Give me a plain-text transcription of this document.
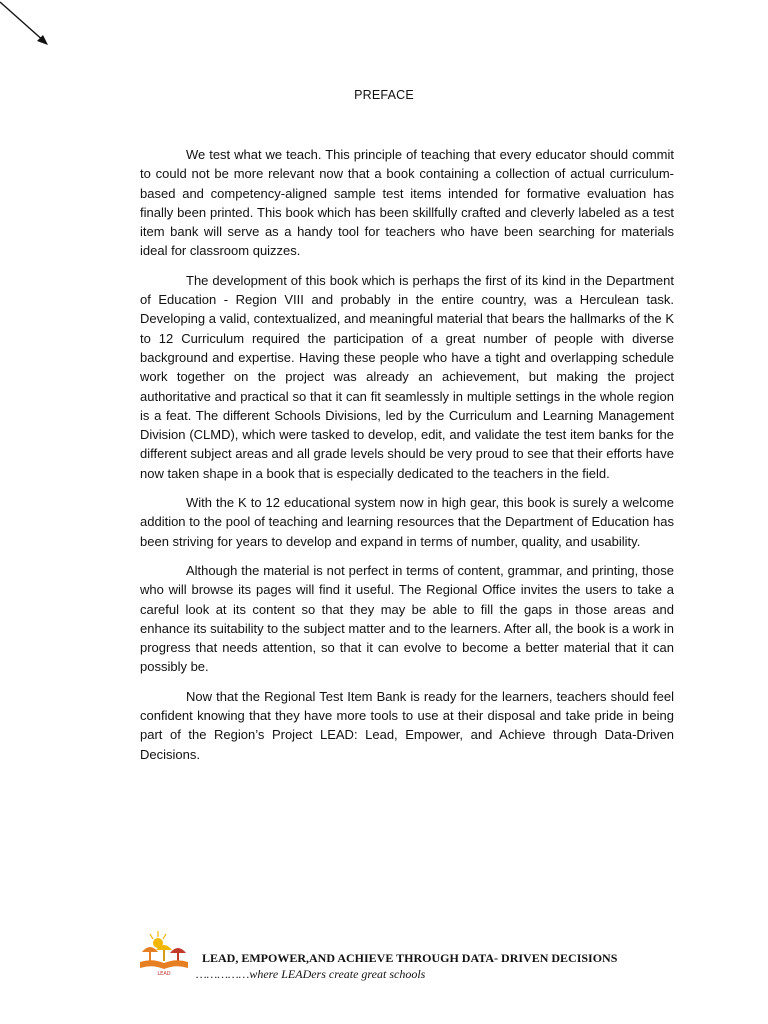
PREFACE

We test what we teach. This principle of teaching that every educator should commit to could not be more relevant now that a book containing a collection of actual curriculum-based and competency-aligned sample test items intended for formative evaluation has finally been printed. This book which has been skillfully crafted and cleverly labeled as a test item bank will serve as a handy tool for teachers who have been searching for materials ideal for classroom quizzes.

The development of this book which is perhaps the first of its kind in the Department of Education - Region VIII and probably in the entire country, was a Herculean task. Developing a valid, contextualized, and meaningful material that bears the hallmarks of the K to 12 Curriculum required the participation of a great number of people with diverse background and expertise. Having these people who have a tight and overlapping schedule work together on the project was already an achievement, but making the project authoritative and practical so that it can fit seamlessly in multiple settings in the whole region is a feat. The different Schools Divisions, led by the Curriculum and Learning Management Division (CLMD), which were tasked to develop, edit, and validate the test item banks for the different subject areas and all grade levels should be very proud to see that their efforts have now taken shape in a book that is especially dedicated to the teachers in the field.

With the K to 12 educational system now in high gear, this book is surely a welcome addition to the pool of teaching and learning resources that the Department of Education has been striving for years to develop and expand in terms of number, quality, and usability.

Although the material is not perfect in terms of content, grammar, and printing, those who will browse its pages will find it useful. The Regional Office invites the users to take a careful look at its content so that they may be able to fill the gaps in those areas and enhance its suitability to the subject matter and to the learners. After all, the book is a work in progress that needs attention, so that it can evolve to become a better material that it can possibly be.

Now that the Regional Test Item Bank is ready for the learners, teachers should feel confident knowing that they have more tools to use at their disposal and take pride in being part of the Region’s Project LEAD: Lead, Empower, and Achieve through Data-Driven Decisions.

LEAD
LEAD, EMPOWER,AND ACHIEVE THROUGH DATA- DRIVEN DECISIONS
……………where LEADers create great schools
